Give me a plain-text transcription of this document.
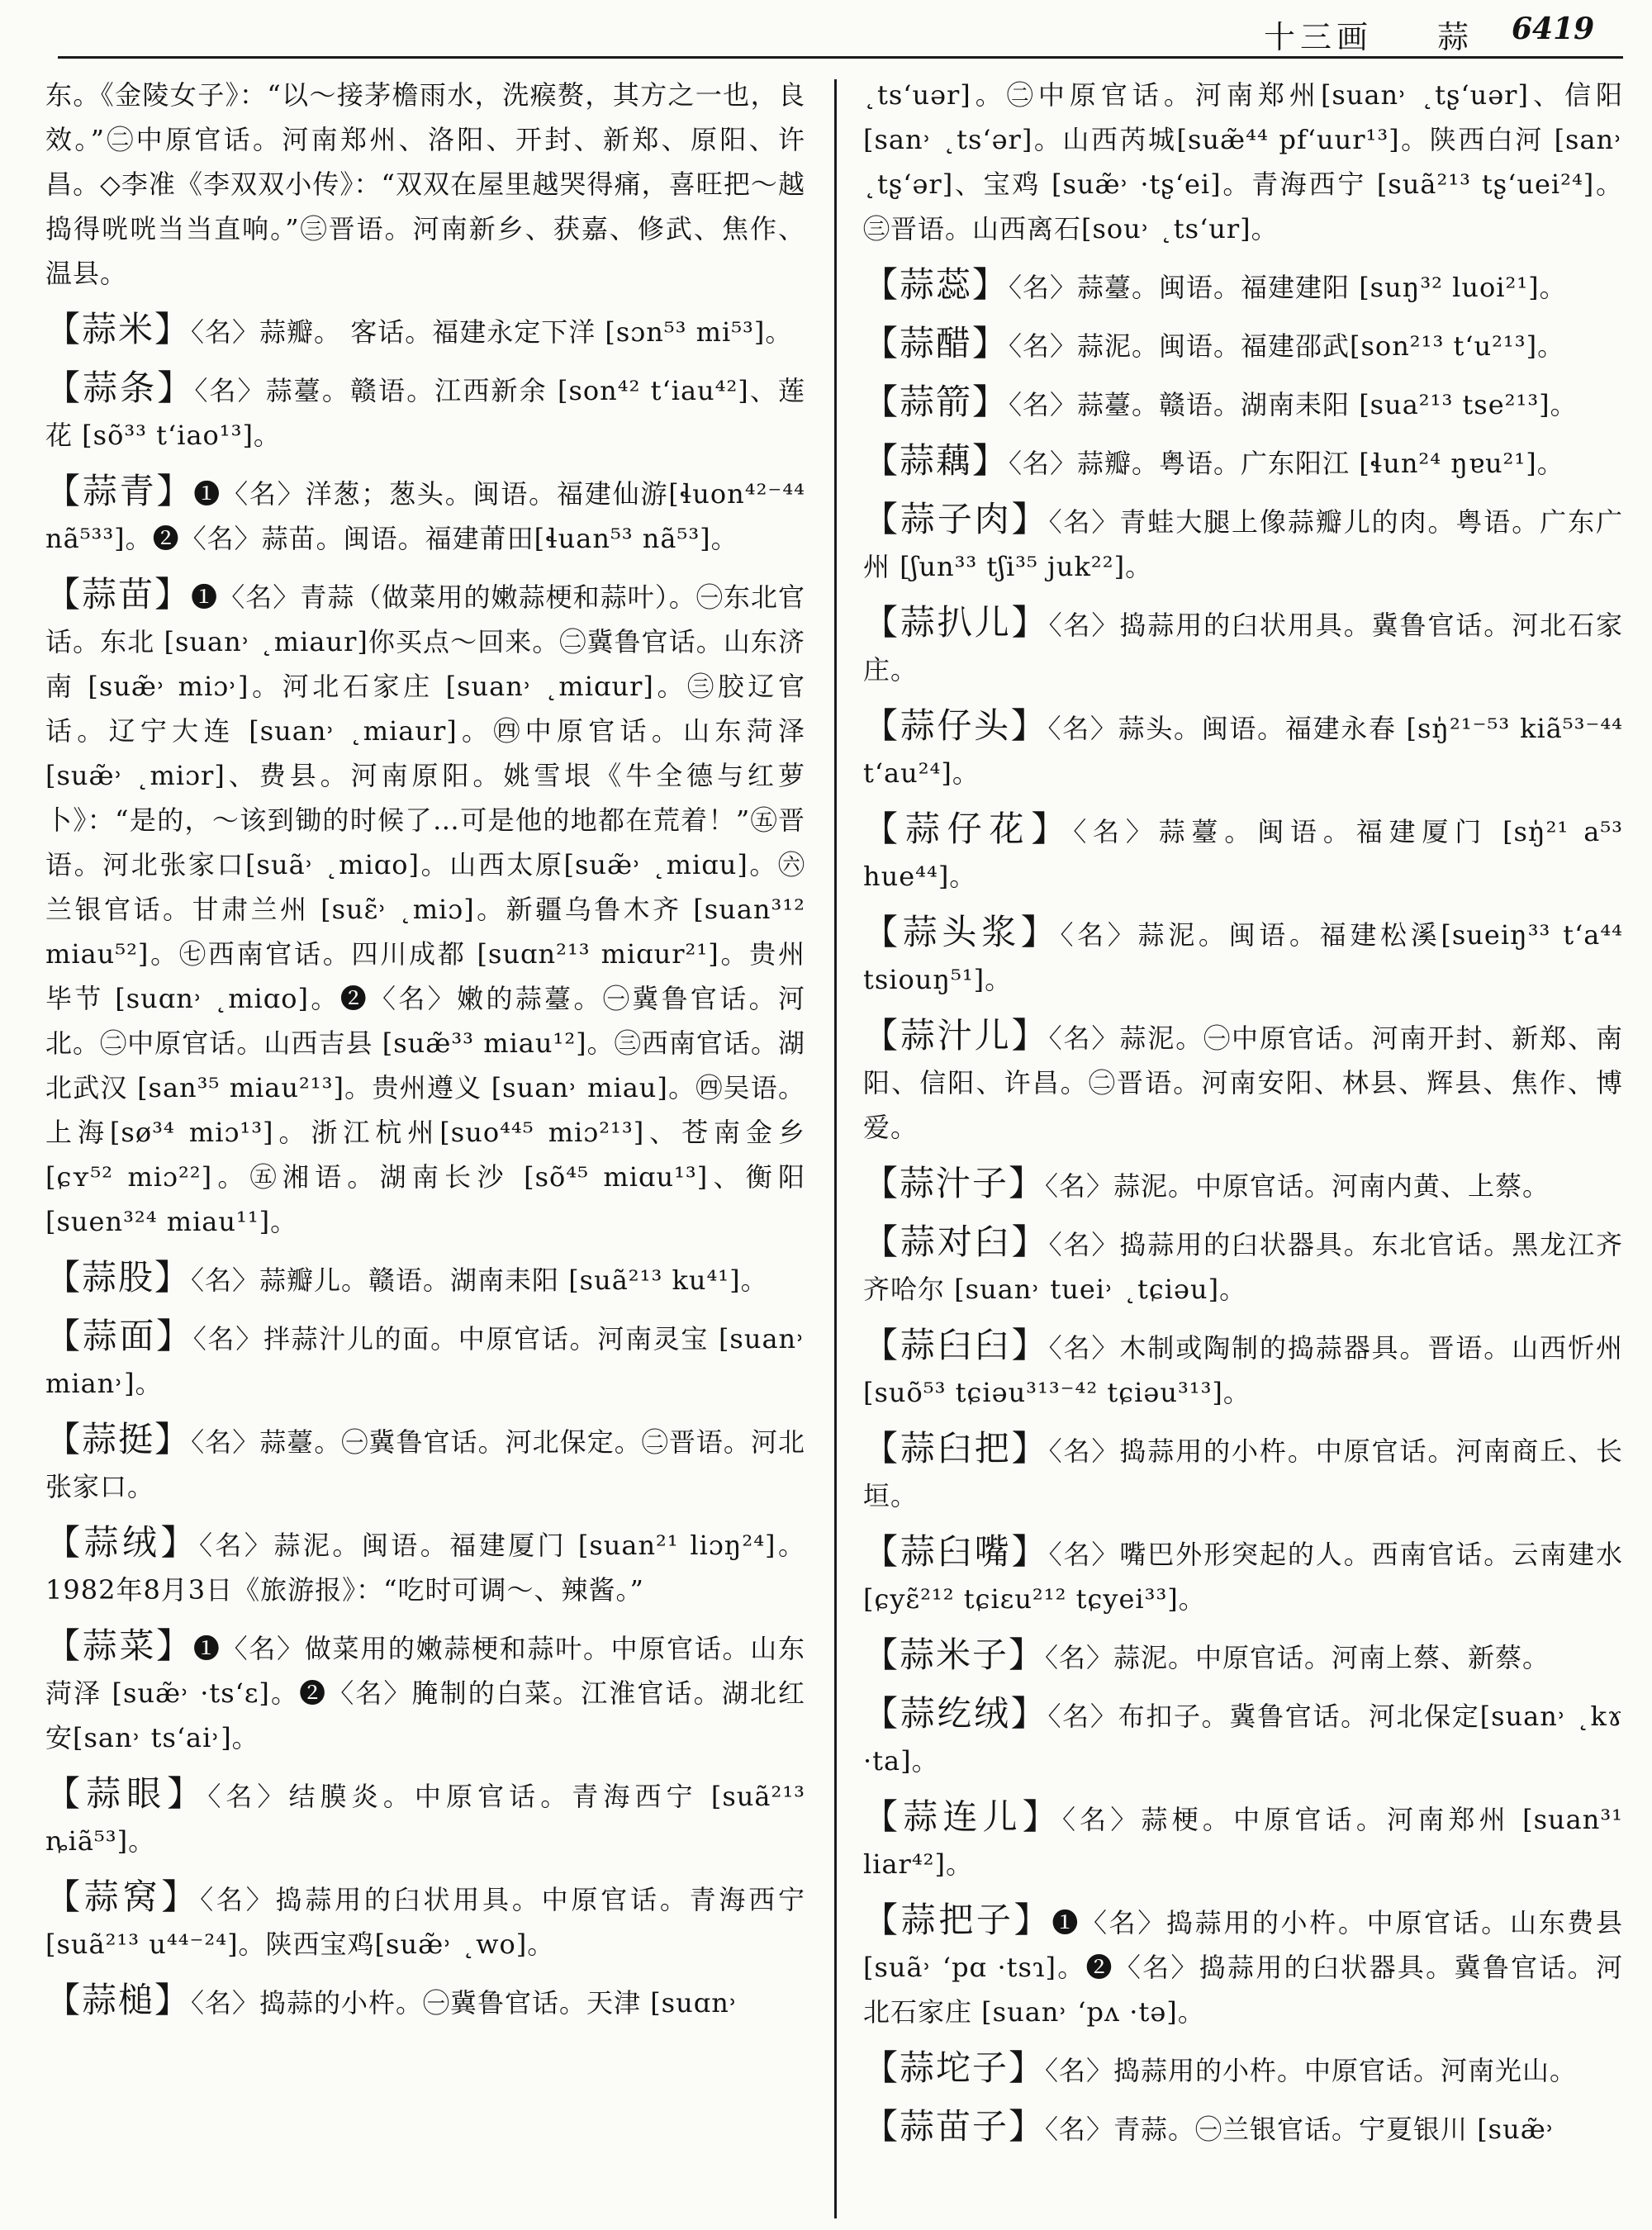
十三画 蒜 6419

东。《金陵女子》：“以～接茅檐雨水，洗瘊赘，其方之一也，良效。”㊁中原官话。河南郑州、洛阳、开封、新郑、原阳、许昌。◇李准《李双双小传》：“双双在屋里越哭得痛，喜旺把～越捣得咣咣当当直响。”㊂晋语。河南新乡、获嘉、修武、焦作、温县。

【蒜米】〈名〉蒜瓣。 客话。福建永定下洋 [sɔn⁵³ mi⁵³]。

【蒜条】〈名〉蒜薹。赣语。江西新余 [son⁴² t‘iau⁴²]、莲花 [sõ³³ t‘iao¹³]。

【蒜青】❶〈名〉洋葱；葱头。闽语。福建仙游[ɬuon⁴²⁻⁴⁴ nã⁵³³]。❷〈名〉蒜苗。闽语。福建莆田[ɬuan⁵³ nã⁵³]。

【蒜苗】❶〈名〉青蒜（做菜用的嫩蒜梗和蒜叶）。㊀东北官话。东北 [suan˒ ˛miaur]你买点～回来。㊁冀鲁官话。山东济南 [suæ̃˒ miɔ˒]。河北石家庄 [suan˒ ˛miɑur]。㊂胶辽官话。辽宁大连 [suan˒ ˛miaur]。㊃中原官话。山东菏泽 [suæ̃˒ ˛miɔr]、费县。河南原阳。姚雪垠《牛全德与红萝卜》：“是的，～该到锄的时候了…可是他的地都在荒着！”㊄晋语。河北张家口[suã˒ ˛miɑo]。山西太原[suæ̃˒ ˛miɑu]。㊅兰银官话。甘肃兰州 [suɛ̃˒ ˛miɔ]。新疆乌鲁木齐 [suan³¹² miau⁵²]。㊆西南官话。四川成都 [suɑn²¹³ miɑur²¹]。贵州毕节 [suɑn˒ ˛miɑo]。❷〈名〉嫩的蒜薹。㊀冀鲁官话。河北。㊁中原官话。山西吉县 [suæ̃³³ miau¹²]。㊂西南官话。湖北武汉 [san³⁵ miau²¹³]。贵州遵义 [suan˒ miau]。㊃吴语。上海[sø³⁴ miɔ¹³]。浙江杭州[suo⁴⁴⁵ miɔ²¹³]、苍南金乡 [ɕʏ⁵² miɔ²²]。㊄湘语。湖南长沙 [sõ⁴⁵ miɑu¹³]、衡阳[suen³²⁴ miau¹¹]。

【蒜股】〈名〉蒜瓣儿。赣语。湖南耒阳 [suã²¹³ ku⁴¹]。

【蒜面】〈名〉拌蒜汁儿的面。中原官话。河南灵宝 [suan˒ mian˒]。

【蒜挺】〈名〉蒜薹。㊀冀鲁官话。河北保定。㊁晋语。河北张家口。

【蒜绒】〈名〉蒜泥。闽语。福建厦门 [suan²¹ liɔŋ²⁴]。1982年8月3日《旅游报》：“吃时可调～、辣酱。”

【蒜菜】❶〈名〉做菜用的嫩蒜梗和蒜叶。中原官话。山东菏泽 [suæ̃˒ ·ts‘ɛ]。❷〈名〉腌制的白菜。江淮官话。湖北红安[san˒ ts‘ai˒]。

【蒜眼】〈名〉结膜炎。中原官话。青海西宁 [suã²¹³ ȵiã⁵³]。

【蒜窝】〈名〉捣蒜用的臼状用具。中原官话。青海西宁[suã²¹³ u⁴⁴⁻²⁴]。陕西宝鸡[suæ̃˒ ˛wo]。

【蒜槌】〈名〉捣蒜的小杵。㊀冀鲁官话。天津 [suɑn˒

˛ts‘uər]。㊁中原官话。河南郑州[suan˒ ˛tʂ‘uər]、信阳 [san˒ ˛ts‘ər]。山西芮城[suæ̃⁴⁴ pf‘uur¹³]。陕西白河 [san˒ ˛tʂ‘ər]、宝鸡 [suæ̃˒ ·tʂ‘ei]。青海西宁 [suã²¹³ tʂ‘uei²⁴]。㊂晋语。山西离石[sou˒ ˛ts‘ur]。

【蒜蕊】〈名〉蒜薹。闽语。福建建阳 [suŋ³² luoi²¹]。

【蒜醋】〈名〉蒜泥。闽语。福建邵武[son²¹³ t‘u²¹³]。

【蒜箭】〈名〉蒜薹。赣语。湖南耒阳 [sua²¹³ tse²¹³]。

【蒜藕】〈名〉蒜瓣。粤语。广东阳江 [ɬun²⁴ ŋɐu²¹]。

【蒜子肉】〈名〉青蛙大腿上像蒜瓣儿的肉。粤语。广东广州 [ʃun³³ tʃi³⁵ juk²²]。

【蒜扒儿】〈名〉捣蒜用的臼状用具。冀鲁官话。河北石家庄。

【蒜仔头】〈名〉蒜头。闽语。福建永春 [sŋ̍²¹⁻⁵³ kiã⁵³⁻⁴⁴ t‘au²⁴]。

【蒜仔花】〈名〉蒜薹。闽语。福建厦门 [sŋ̍²¹ a⁵³ hue⁴⁴]。

【蒜头浆】〈名〉蒜泥。闽语。福建松溪[sueiŋ³³ t‘a⁴⁴ tsiouŋ⁵¹]。

【蒜汁儿】〈名〉蒜泥。㊀中原官话。河南开封、新郑、南阳、信阳、许昌。㊁晋语。河南安阳、林县、辉县、焦作、博爱。

【蒜汁子】〈名〉蒜泥。中原官话。河南内黄、上蔡。

【蒜对臼】〈名〉捣蒜用的臼状器具。东北官话。黑龙江齐齐哈尔 [suan˒ tuei˒ ˛tɕiəu]。

【蒜臼臼】〈名〉木制或陶制的捣蒜器具。晋语。山西忻州 [suõ⁵³ tɕiəu³¹³⁻⁴² tɕiəu³¹³]。

【蒜臼把】〈名〉捣蒜用的小杵。中原官话。河南商丘、长垣。

【蒜臼嘴】〈名〉嘴巴外形突起的人。西南官话。云南建水 [ɕyɛ̃²¹² tɕiɛu²¹² tɕyei³³]。

【蒜米子】〈名〉蒜泥。中原官话。河南上蔡、新蔡。

【蒜纥绒】〈名〉布扣子。冀鲁官话。河北保定[suan˒ ˛kɤ ·ta]。

【蒜连儿】〈名〉蒜梗。中原官话。河南郑州 [suan³¹ liar⁴²]。

【蒜把子】❶〈名〉捣蒜用的小杵。中原官话。山东费县 [suã˒ ‘pɑ ·tsɿ]。❷〈名〉捣蒜用的臼状器具。冀鲁官话。河北石家庄 [suan˒ ‘pʌ ·tə]。

【蒜坨子】〈名〉捣蒜用的小杵。中原官话。河南光山。

【蒜苗子】〈名〉青蒜。㊀兰银官话。宁夏银川 [suæ̃˒
